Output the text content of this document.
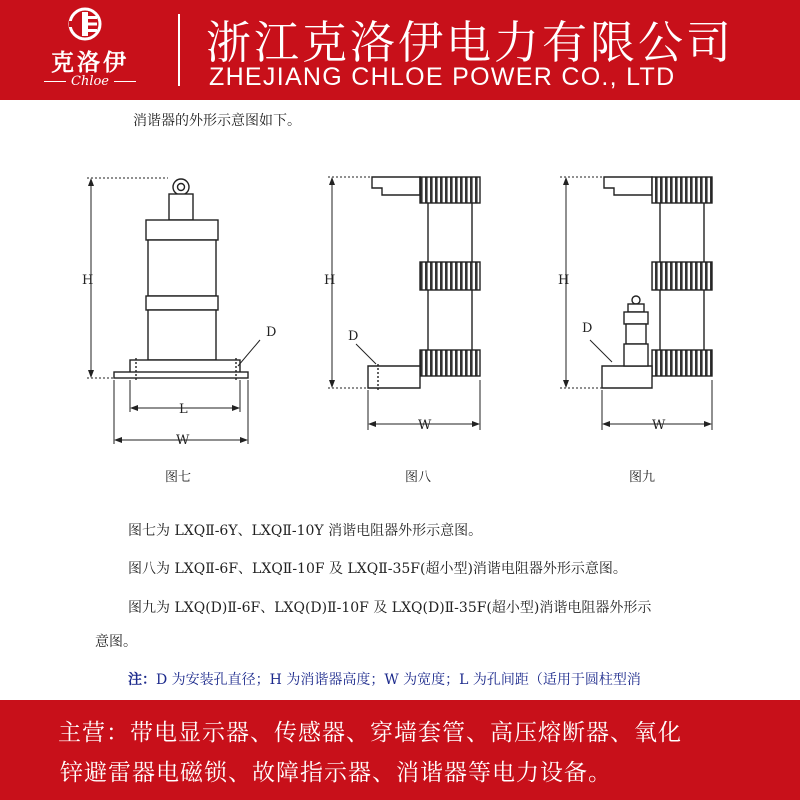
克洛伊
Chloe
浙江克洛伊电力有限公司
ZHEJIANG CHLOE POWER CO., LTD
消谐器的外形示意图如下。
H
D
L
W
H
D
W
H
D
W
图七	图八	图九
图七为 LXQⅡ-6Y、LXQⅡ-10Y 消谐电阻器外形示意图。
图八为 LXQⅡ-6F、LXQⅡ-10F 及 LXQⅡ-35F(超小型)消谐电阻器外形示意图。
图九为 LXQ(D)Ⅱ-6F、LXQ(D)Ⅱ-10F 及 LXQ(D)Ⅱ-35F(超小型)消谐电阻器外形示
意图。
注：D 为安装孔直径；H 为消谐器高度；W 为宽度；L 为孔间距（适用于圆柱型消
主营：带电显示器、传感器、穿墙套管、高压熔断器、氧化
锌避雷器电磁锁、故障指示器、消谐器等电力设备。
